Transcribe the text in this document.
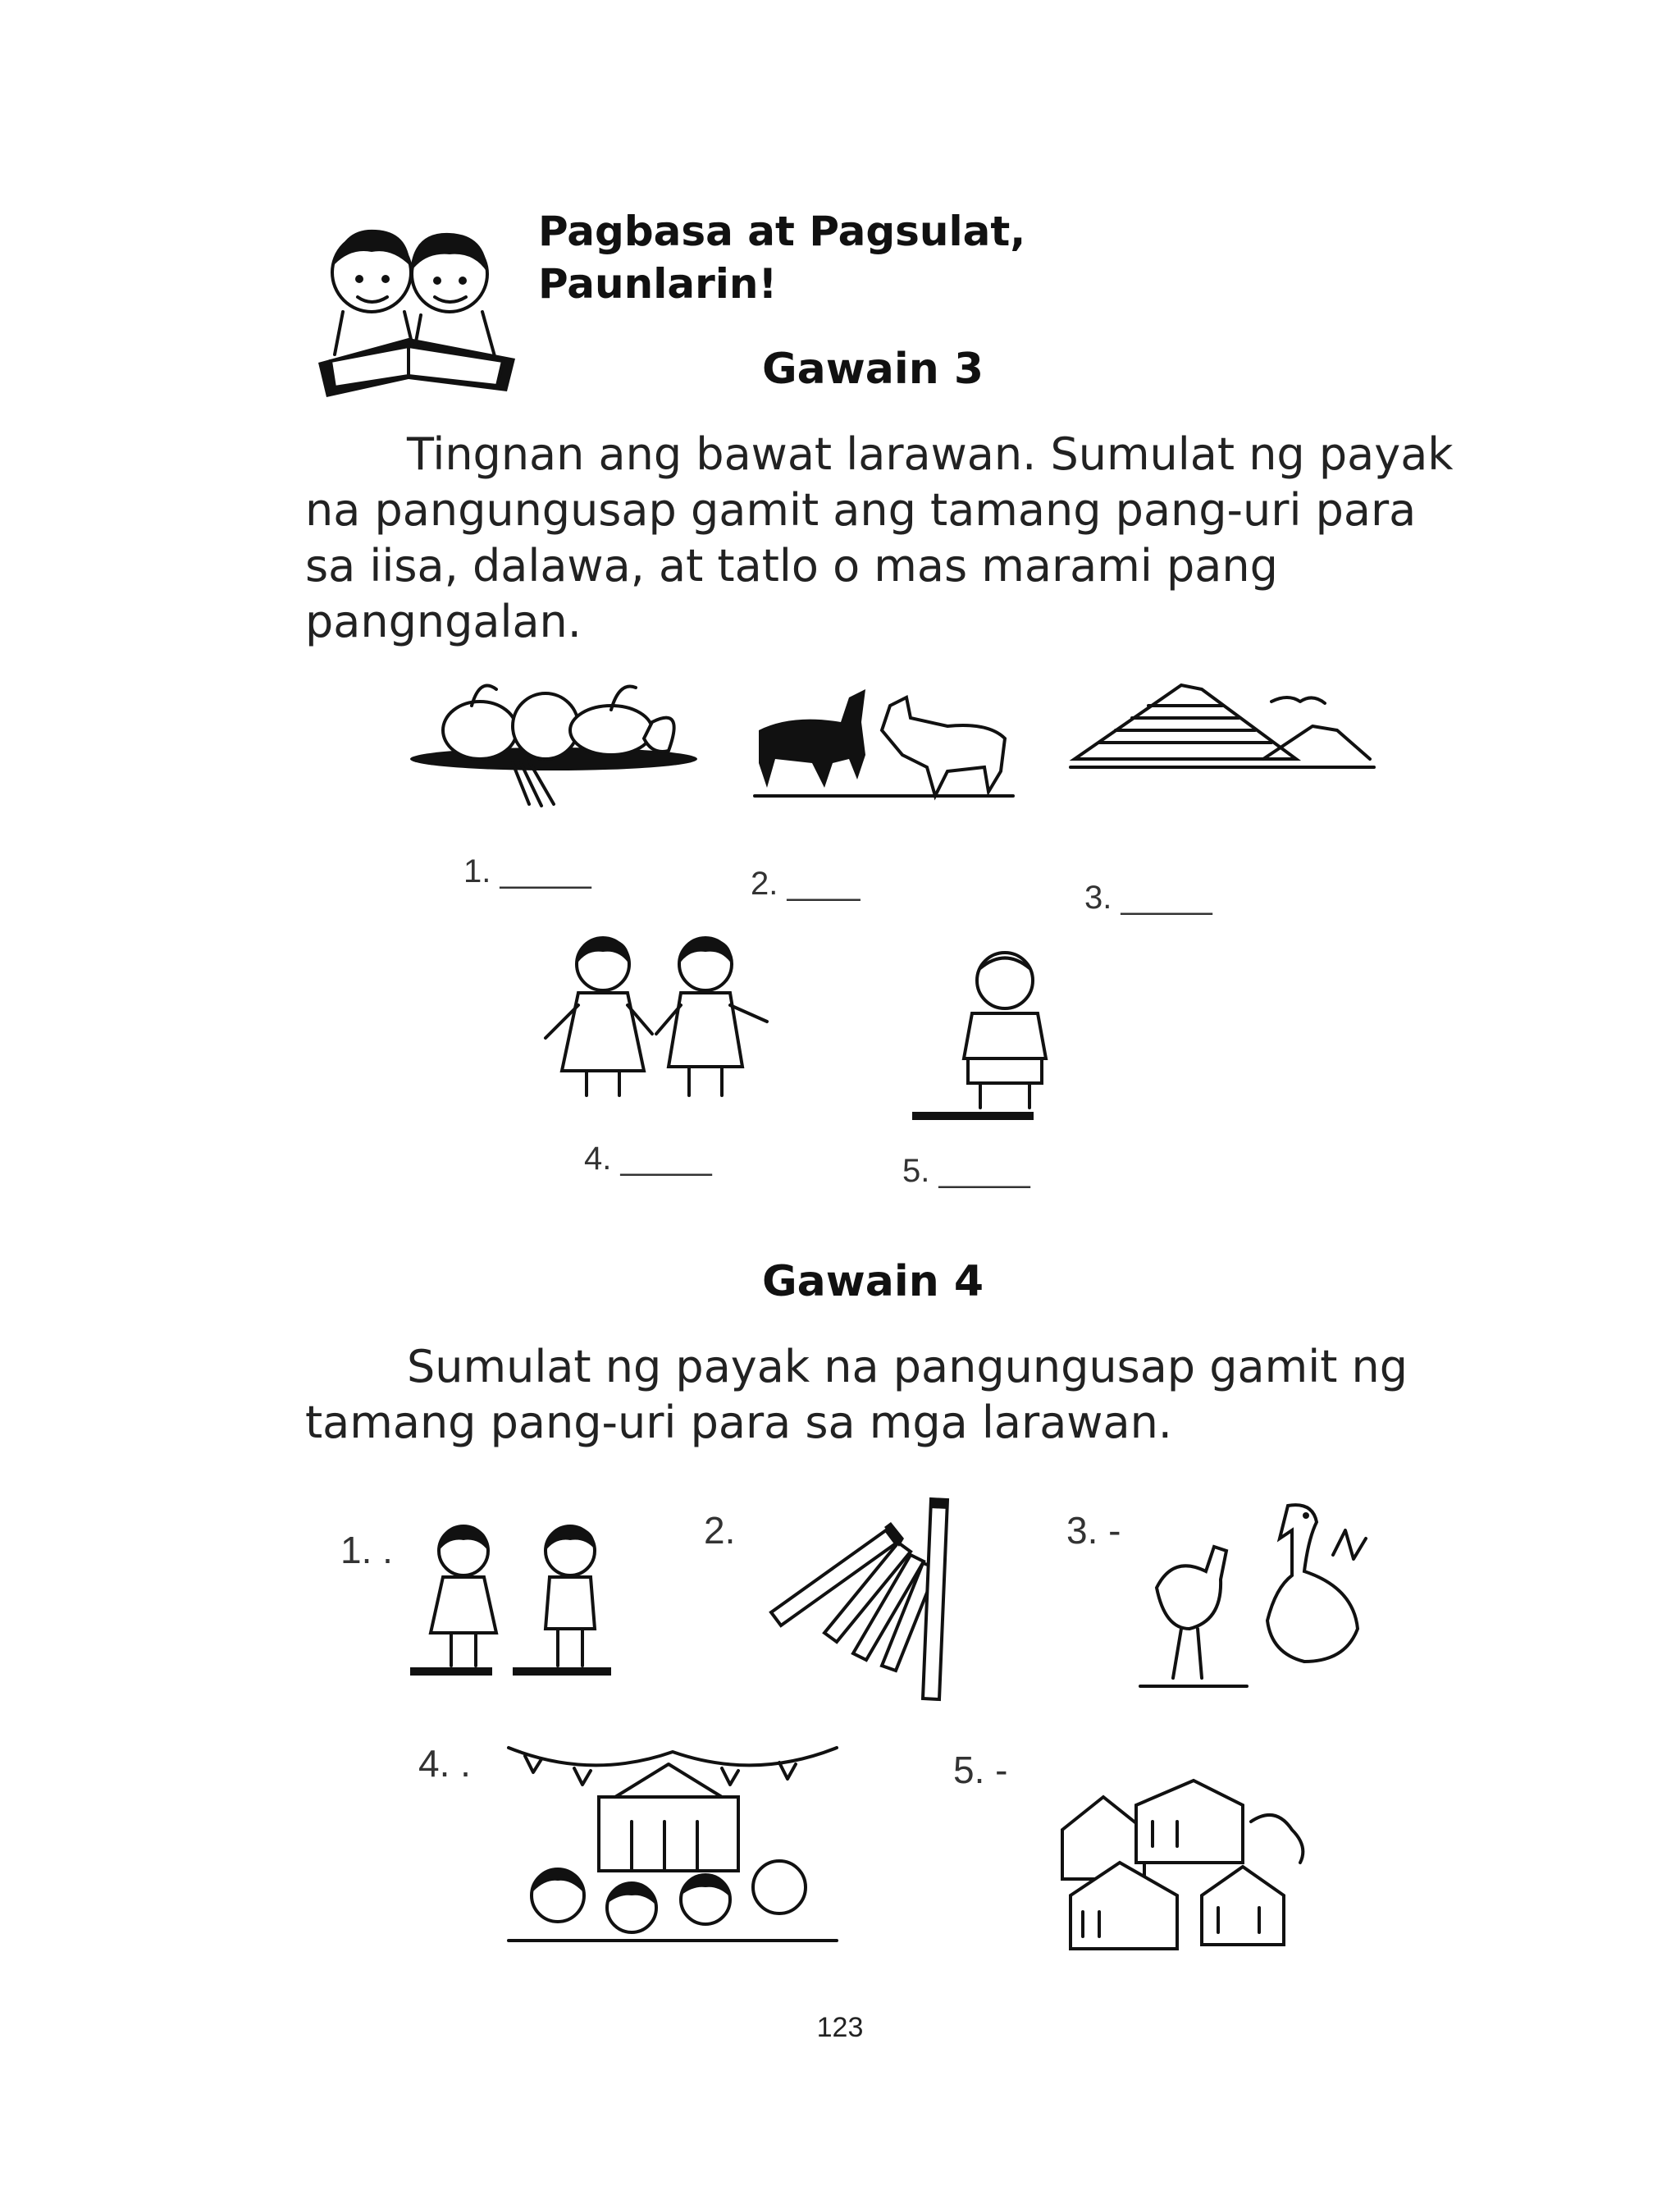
Pagbasa at Pagsulat,
Paunlarin!
Gawain 3

Tingnan ang bawat larawan. Sumulat ng payak na pangungusap gamit ang tamang pang-uri para sa iisa, dalawa, at tatlo o mas marami pang pangngalan.

1. _____	2. ____	3. _____
4. _____	5. _____
Gawain 4

Sumulat ng payak na pangungusap gamit ng tamang pang-uri para sa mga larawan.

1. .	2.	3. -
4. .	5. -
123
